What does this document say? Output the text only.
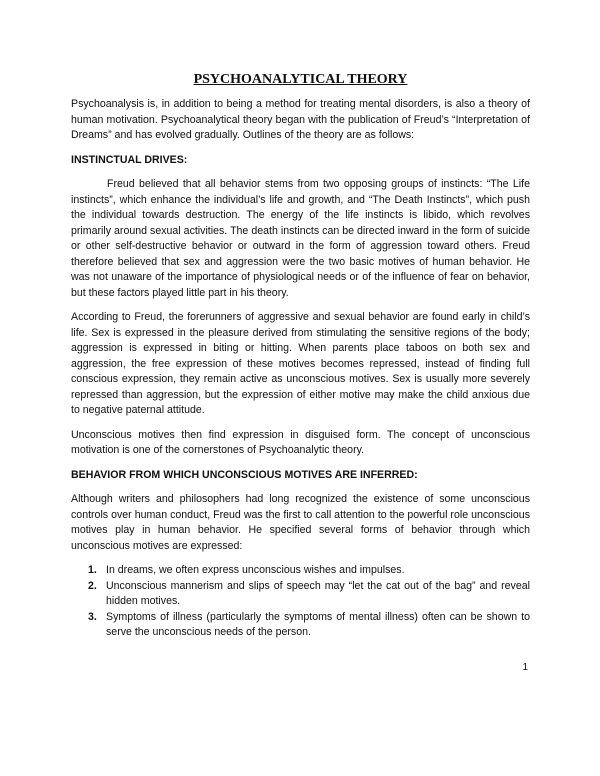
PSYCHOANALYTICAL THEORY

Psychoanalysis is, in addition to being a method for treating mental disorders, is also a theory of human motivation. Psychoanalytical theory began with the publication of Freud’s “Interpretation of Dreams” and has evolved gradually. Outlines of the theory are as follows:

INSTINCTUAL DRIVES:

Freud believed that all behavior stems from two opposing groups of instincts: “The Life instincts”, which enhance the individual’s life and growth, and “The Death Instincts”, which push the individual towards destruction. The energy of the life instincts is libido, which revolves primarily around sexual activities. The death instincts can be directed inward in the form of suicide or other self-destructive behavior or outward in the form of aggression toward others. Freud therefore believed that sex and aggression were the two basic motives of human behavior. He was not unaware of the importance of physiological needs or of the influence of fear on behavior, but these factors played little part in his theory.

According to Freud, the forerunners of aggressive and sexual behavior are found early in child’s life. Sex is expressed in the pleasure derived from stimulating the sensitive regions of the body; aggression is expressed in biting or hitting. When parents place taboos on both sex and aggression, the free expression of these motives becomes repressed, instead of finding full conscious expression, they remain active as unconscious motives. Sex is usually more severely repressed than aggression, but the expression of either motive may make the child anxious due to negative paternal attitude.

Unconscious motives then find expression in disguised form. The concept of unconscious motivation is one of the cornerstones of Psychoanalytic theory.

BEHAVIOR FROM WHICH UNCONSCIOUS MOTIVES ARE INFERRED:

Although writers and philosophers had long recognized the existence of some unconscious controls over human conduct, Freud was the first to call attention to the powerful role unconscious motives play in human behavior. He specified several forms of behavior through which unconscious motives are expressed:

1. In dreams, we often express unconscious wishes and impulses.
2. Unconscious mannerism and slips of speech may “let the cat out of the bag” and reveal hidden motives.
3. Symptoms of illness (particularly the symptoms of mental illness) often can be shown to serve the unconscious needs of the person.
1
